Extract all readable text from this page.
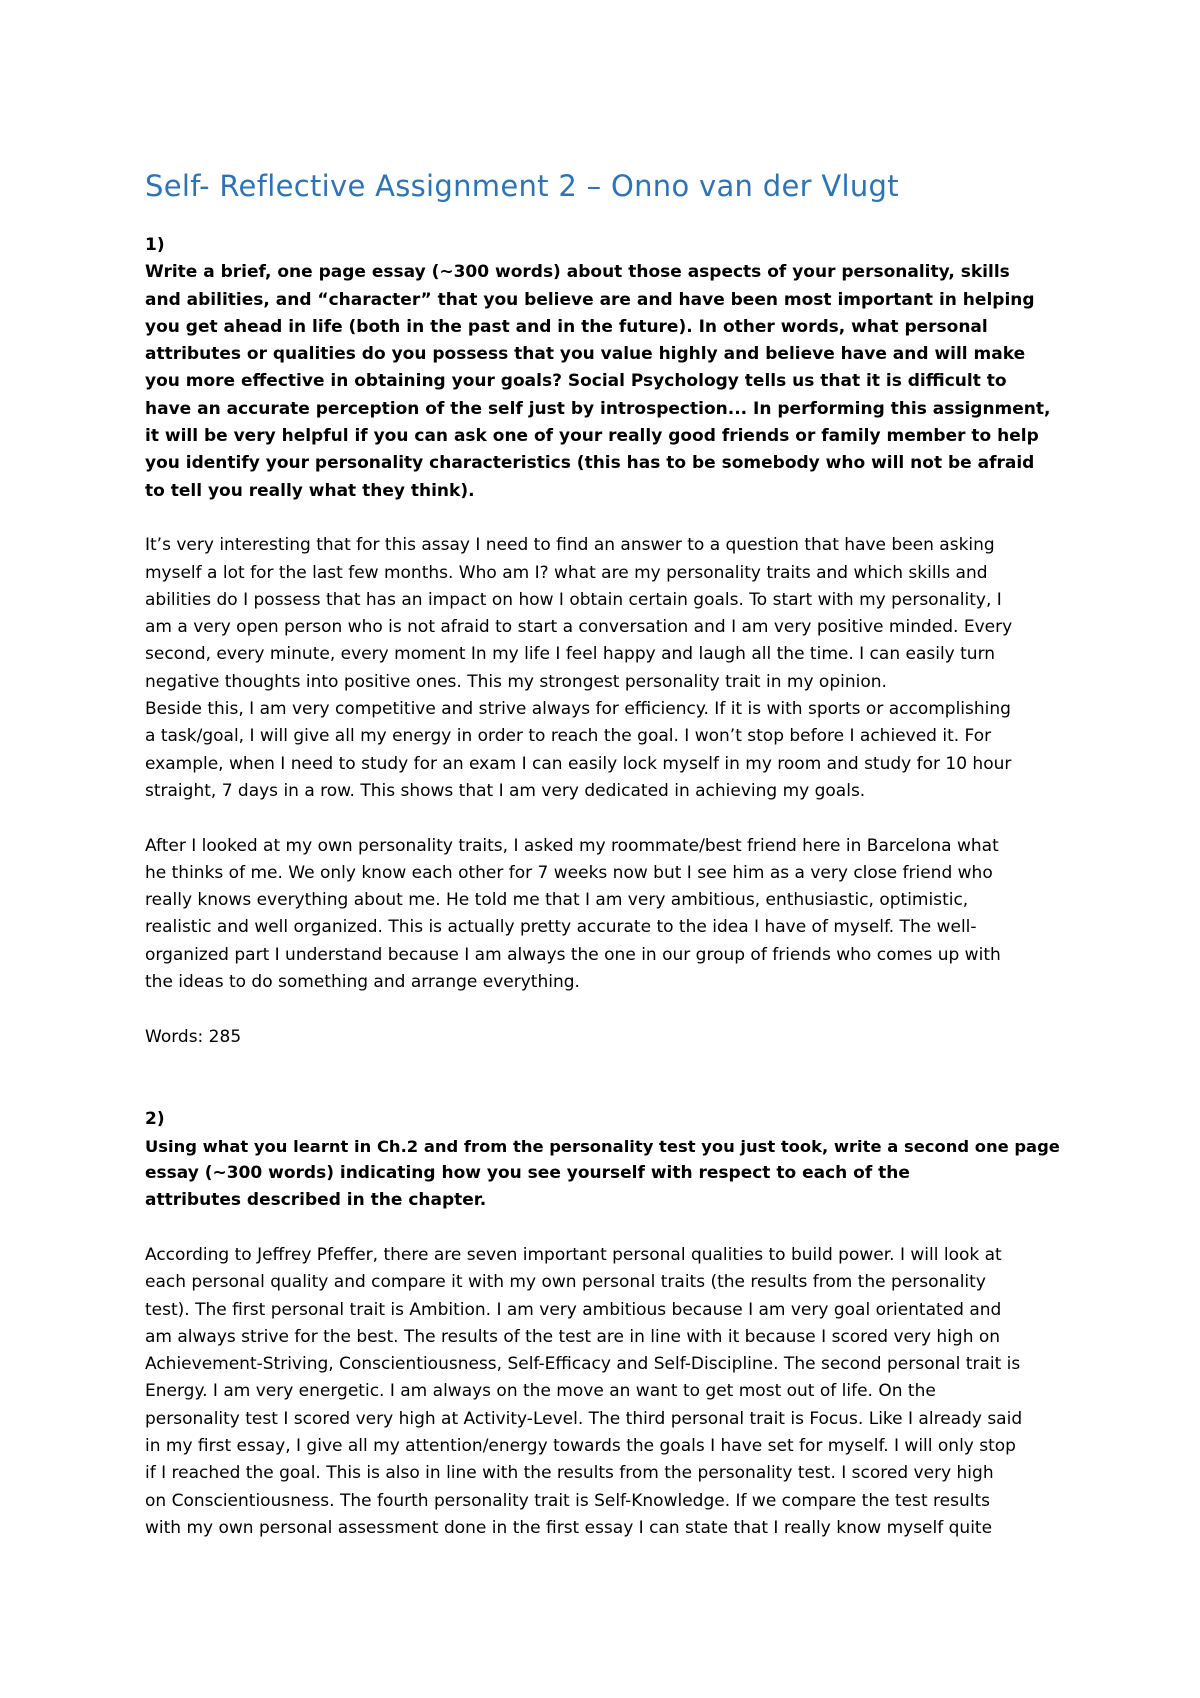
Self- Reflective Assignment 2 – Onno van der Vlugt
1)
Write a brief, one page essay (~300 words) about those aspects of your personality, skills
and abilities, and “character” that you believe are and have been most important in helping
you get ahead in life (both in the past and in the future). In other words, what personal
attributes or qualities do you possess that you value highly and believe have and will make
you more effective in obtaining your goals? Social Psychology tells us that it is difficult to
have an accurate perception of the self just by introspection... In performing this assignment,
it will be very helpful if you can ask one of your really good friends or family member to help
you identify your personality characteristics (this has to be somebody who will not be afraid
to tell you really what they think).
It’s very interesting that for this assay I need to find an answer to a question that have been asking
myself a lot for the last few months. Who am I? what are my personality traits and which skills and
abilities do I possess that has an impact on how I obtain certain goals. To start with my personality, I
am a very open person who is not afraid to start a conversation and I am very positive minded. Every
second, every minute, every moment In my life I feel happy and laugh all the time. I can easily turn
negative thoughts into positive ones. This my strongest personality trait in my opinion.
Beside this, I am very competitive and strive always for efficiency. If it is with sports or accomplishing
a task/goal, I will give all my energy in order to reach the goal. I won’t stop before I achieved it. For
example, when I need to study for an exam I can easily lock myself in my room and study for 10 hour
straight, 7 days in a row. This shows that I am very dedicated in achieving my goals.
After I looked at my own personality traits, I asked my roommate/best friend here in Barcelona what
he thinks of me. We only know each other for 7 weeks now but I see him as a very close friend who
really knows everything about me. He told me that I am very ambitious, enthusiastic, optimistic,
realistic and well organized. This is actually pretty accurate to the idea I have of myself. The well-
organized part I understand because I am always the one in our group of friends who comes up with
the ideas to do something and arrange everything.
Words: 285
2)
Using what you learnt in Ch.2 and from the personality test you just took, write a second one page
essay (~300 words) indicating how you see yourself with respect to each of the
attributes described in the chapter.
According to Jeffrey Pfeffer, there are seven important personal qualities to build power. I will look at
each personal quality and compare it with my own personal traits (the results from the personality
test). The first personal trait is Ambition. I am very ambitious because I am very goal orientated and
am always strive for the best. The results of the test are in line with it because I scored very high on
Achievement-Striving, Conscientiousness, Self-Efficacy and Self-Discipline. The second personal trait is
Energy. I am very energetic. I am always on the move an want to get most out of life. On the
personality test I scored very high at Activity-Level. The third personal trait is Focus. Like I already said
in my first essay, I give all my attention/energy towards the goals I have set for myself. I will only stop
if I reached the goal. This is also in line with the results from the personality test. I scored very high
on Conscientiousness. The fourth personality trait is Self-Knowledge. If we compare the test results
with my own personal assessment done in the first essay I can state that I really know myself quite
